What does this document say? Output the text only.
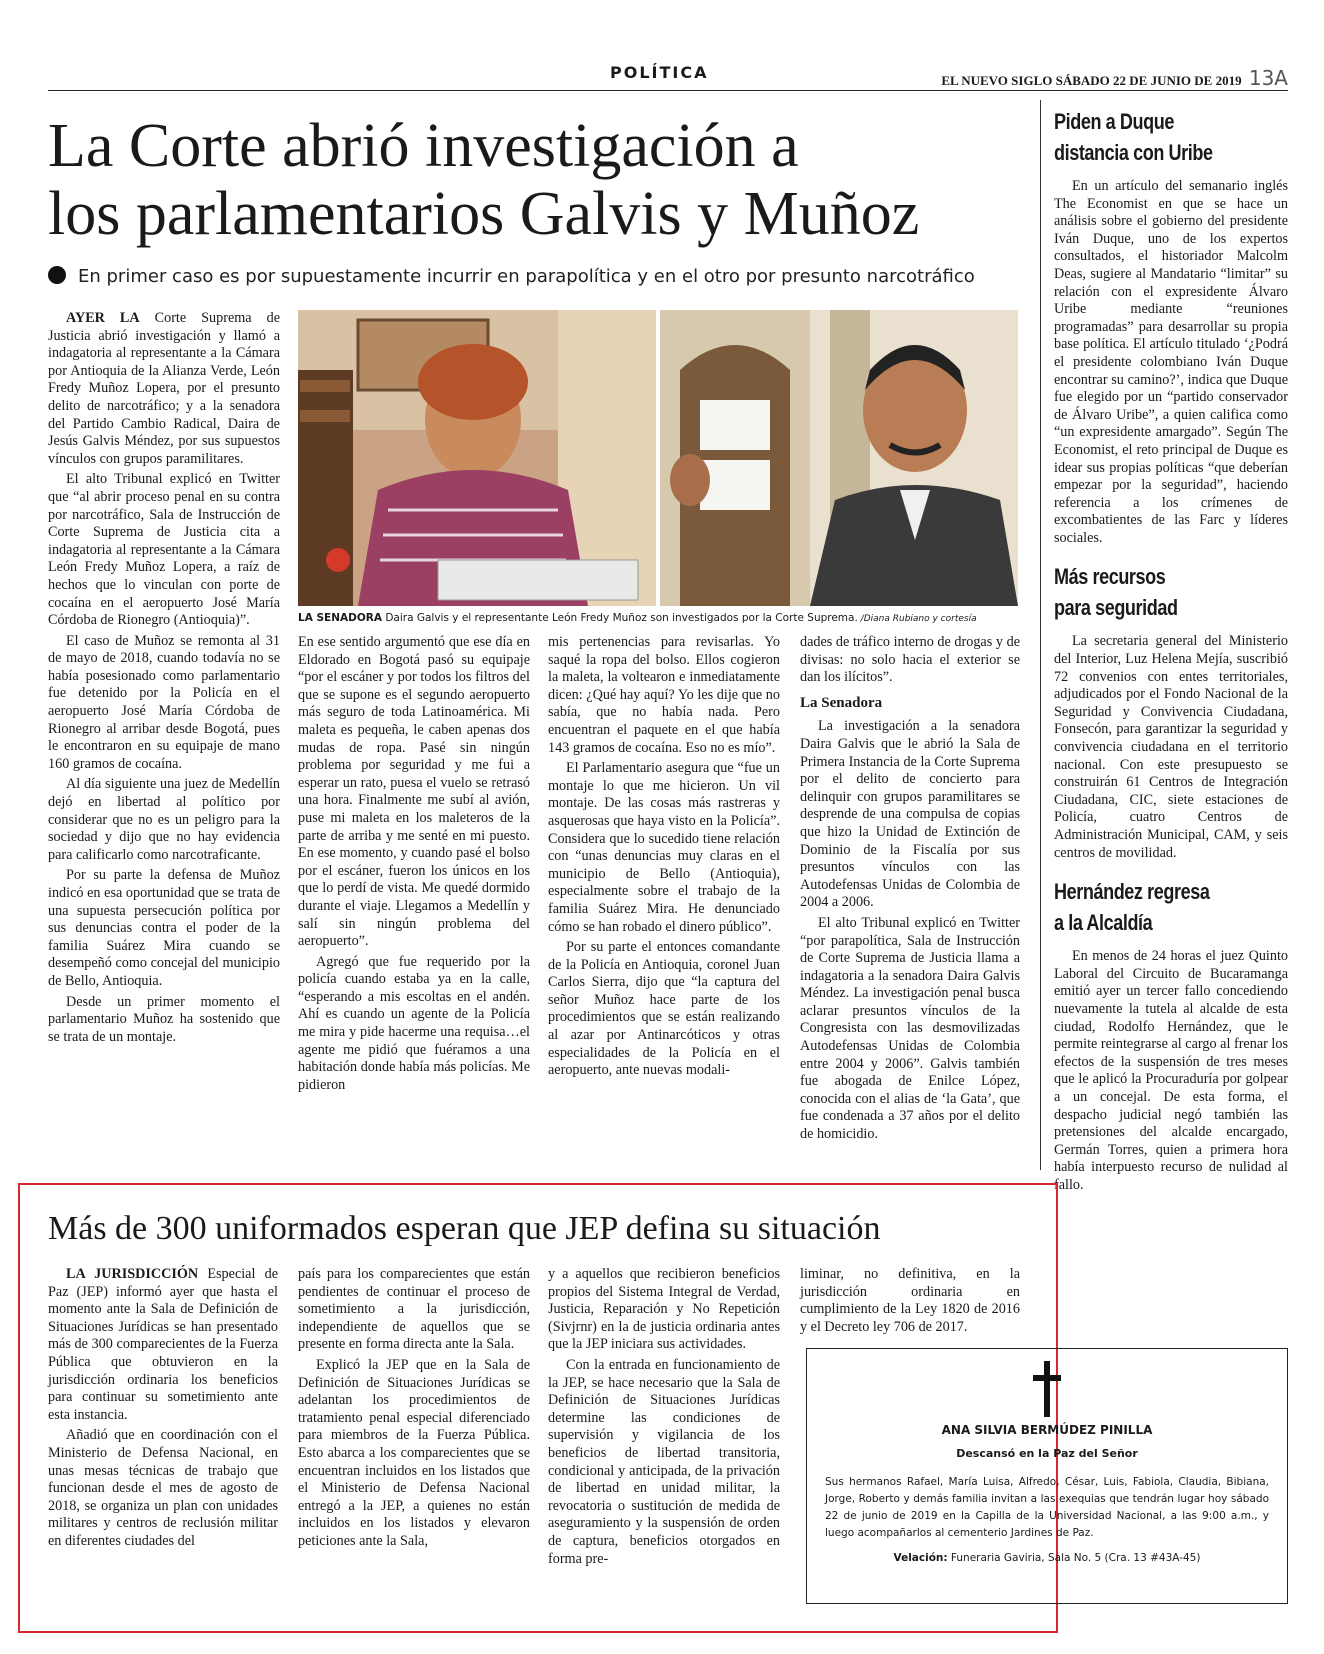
POLÍTICA	EL NUEVO SIGLO SÁBADO 22 DE JUNIO DE 2019 13A
La Corte abrió investigación a
los parlamentarios Galvis y Muñoz

En primer caso es por supuestamente incurrir en parapolítica y en el otro por presunto narcotráfico

AYER LA Corte Suprema de Justicia abrió investigación y llamó a indagatoria al representante a la Cámara por Antioquia de la Alianza Verde, León Fredy Muñoz Lopera, por el presunto delito de narcotráfico; y a la senadora del Partido Cambio Radical, Daira de Jesús Galvis Méndez, por sus supuestos vínculos con grupos paramilitares.

El alto Tribunal explicó en Twitter que “al abrir proceso penal en su contra por narcotráfico, Sala de Instrucción de Corte Suprema de Justicia cita a indagatoria al representante a la Cámara León Fredy Muñoz Lopera, a raíz de hechos que lo vinculan con porte de cocaína en el aeropuerto José María Córdoba de Rionegro (Antioquia)”.

El caso de Muñoz se remonta al 31 de mayo de 2018, cuando todavía no se había posesionado como parlamentario fue detenido por la Policía en el aeropuerto José María Córdoba de Rionegro al arribar desde Bogotá, pues le encontraron en su equipaje de mano 160 gramos de cocaína.

Al día siguiente una juez de Medellín dejó en libertad al político por considerar que no es un peligro para la sociedad y dijo que no hay evidencia para calificarlo como narcotraficante.

Por su parte la defensa de Muñoz indicó en esa oportunidad que se trata de una supuesta persecución política por sus denuncias contra el poder de la familia Suárez Mira cuando se desempeñó como concejal del municipio de Bello, Antioquia.

Desde un primer momento el parlamentario Muñoz ha sostenido que se trata de un montaje.

LA SENADORA Daira Galvis y el representante León Fredy Muñoz son investigados por la Corte Suprema. /Diana Rubiano y cortesía

En ese sentido argumentó que ese día en Eldorado en Bogotá pasó su equipaje “por el escáner y por todos los filtros del que se supone es el segundo aeropuerto más seguro de toda Latinoamérica. Mi maleta es pequeña, le caben apenas dos mudas de ropa. Pasé sin ningún problema por seguridad y me fui a esperar un rato, puesa el vuelo se retrasó una hora. Finalmente me subí al avión, puse mi maleta en los maleteros de la parte de arriba y me senté en mi puesto. En ese momento, y cuando pasé el bolso por el escáner, fueron los únicos en los que lo perdí de vista. Me quedé dormido durante el viaje. Llegamos a Medellín y salí sin ningún problema del aeropuerto”.

Agregó que fue requerido por la policía cuando estaba ya en la calle, “esperando a mis escoltas en el andén. Ahí es cuando un agente de la Policía me mira y pide hacerme una requisa…el agente me pidió que fuéramos a una habitación donde había más policías. Me pidieron

mis pertenencias para revisarlas. Yo saqué la ropa del bolso. Ellos cogieron la maleta, la voltearon e inmediatamente dicen: ¿Qué hay aquí? Yo les dije que no sabía, que no había nada. Pero encuentran el paquete en el que había 143 gramos de cocaína. Eso no es mío”.

El Parlamentario asegura que “fue un montaje lo que me hicieron. Un vil montaje. De las cosas más rastreras y asquerosas que haya visto en la Policía”. Considera que lo sucedido tiene relación con “unas denuncias muy claras en el municipio de Bello (Antioquia), especialmente sobre el trabajo de la familia Suárez Mira. He denunciado cómo se han robado el dinero público”.

Por su parte el entonces comandante de la Policía en Antioquia, coronel Juan Carlos Sierra, dijo que “la captura del señor Muñoz hace parte de los procedimientos que se están realizando al azar por Antinarcóticos y otras especialidades de la Policía en el aeropuerto, ante nuevas modali-

dades de tráfico interno de drogas y de divisas: no solo hacia el exterior se dan los ilícitos”.

La Senadora

La investigación a la senadora Daira Galvis que le abrió la Sala de Primera Instancia de la Corte Suprema por el delito de concierto para delinquir con grupos paramilitares se desprende de una compulsa de copias que hizo la Unidad de Extinción de Dominio de la Fiscalía por sus presuntos vínculos con las Autodefensas Unidas de Colombia de 2004 a 2006.

El alto Tribunal explicó en Twitter “por parapolítica, Sala de Instrucción de Corte Suprema de Justicia llama a indagatoria a la senadora Daira Galvis Méndez. La investigación penal busca aclarar presuntos vínculos de la Congresista con las desmovilizadas Autodefensas Unidas de Colombia entre 2004 y 2006”. Galvis también fue abogada de Enilce López, conocida con el alias de ‘la Gata’, que fue condenada a 37 años por el delito de homicidio.

Piden a Duque
distancia con Uribe

En un artículo del semanario inglés The Economist en que se hace un análisis sobre el gobierno del presidente Iván Duque, uno de los expertos consultados, el historiador Malcolm Deas, sugiere al Mandatario “limitar” su relación con el expresidente Álvaro Uribe mediante “reuniones programadas” para desarrollar su propia base política. El artículo titulado ‘¿Podrá el presidente colombiano Iván Duque encontrar su camino?’, indica que Duque fue elegido por un “partido conservador de Álvaro Uribe”, a quien califica como “un expresidente amargado”. Según The Economist, el reto principal de Duque es idear sus propias políticas “que deberían empezar por la seguridad”, haciendo referencia a los crímenes de excombatientes de las Farc y líderes sociales.

Más recursos
para seguridad

La secretaria general del Ministerio del Interior, Luz Helena Mejía, suscribió 72 convenios con entes territoriales, adjudicados por el Fondo Nacional de la Seguridad y Convivencia Ciudadana, Fonsecón, para garantizar la seguridad y convivencia ciudadana en el territorio nacional. Con este presupuesto se construirán 61 Centros de Integración Ciudadana, CIC, siete estaciones de Policía, cuatro Centros de Administración Municipal, CAM, y seis centros de movilidad.

Hernández regresa
a la Alcaldía

En menos de 24 horas el juez Quinto Laboral del Circuito de Bucaramanga emitió ayer un tercer fallo concediendo nuevamente la tutela al alcalde de esta ciudad, Rodolfo Hernández, que le permite reintegrarse al cargo al frenar los efectos de la suspensión de tres meses que le aplicó la Procuraduría por golpear a un concejal. De esta forma, el despacho judicial negó también las pretensiones del alcalde encargado, Germán Torres, quien a primera hora había interpuesto recurso de nulidad al fallo.

Más de 300 uniformados esperan que JEP defina su situación

LA JURISDICCIÓN Especial de Paz (JEP) informó ayer que hasta el momento ante la Sala de Definición de Situaciones Jurídicas se han presentado más de 300 comparecientes de la Fuerza Pública que obtuvieron en la jurisdicción ordinaria los beneficios para continuar su sometimiento ante esta instancia.

Añadió que en coordinación con el Ministerio de Defensa Nacional, en unas mesas técnicas de trabajo que funcionan desde el mes de agosto de 2018, se organiza un plan con unidades militares y centros de reclusión militar en diferentes ciudades del

país para los comparecientes que están pendientes de continuar el proceso de sometimiento a la jurisdicción, independiente de aquellos que se presente en forma directa ante la Sala.

Explicó la JEP que en la Sala de Definición de Situaciones Jurídicas se adelantan los procedimientos de tratamiento penal especial diferenciado para miembros de la Fuerza Pública. Esto abarca a los comparecientes que se encuentran incluidos en los listados que el Ministerio de Defensa Nacional entregó a la JEP, a quienes no están incluidos en los listados y elevaron peticiones ante la Sala,

y a aquellos que recibieron beneficios propios del Sistema Integral de Verdad, Justicia, Reparación y No Repetición (Sivjrnr) en la de justicia ordinaria antes que la JEP iniciara sus actividades.

Con la entrada en funcionamiento de la JEP, se hace necesario que la Sala de Definición de Situaciones Jurídicas determine las condiciones de supervisión y vigilancia de los beneficios de libertad transitoria, condicional y anticipada, de la privación de libertad en unidad militar, la revocatoria o sustitución de medida de aseguramiento y la suspensión de orden de captura, beneficios otorgados en forma pre-

liminar, no definitiva, en la jurisdicción ordinaria en cumplimiento de la Ley 1820 de 2016 y el Decreto ley 706 de 2017.

ANA SILVIA BERMÚDEZ PINILLA
Descansó en la Paz del Señor
Sus hermanos Rafael, María Luisa, Alfredo, César, Luis, Fabiola, Claudia, Bibiana, Jorge, Roberto y demás familia invitan a las exequias que tendrán lugar hoy sábado 22 de junio de 2019 en la Capilla de la Universidad Nacional, a las 9:00 a.m., y luego acompañarlos al cementerio Jardines de Paz.
Velación: Funeraria Gaviria, Sala No. 5 (Cra. 13 #43A-45)
